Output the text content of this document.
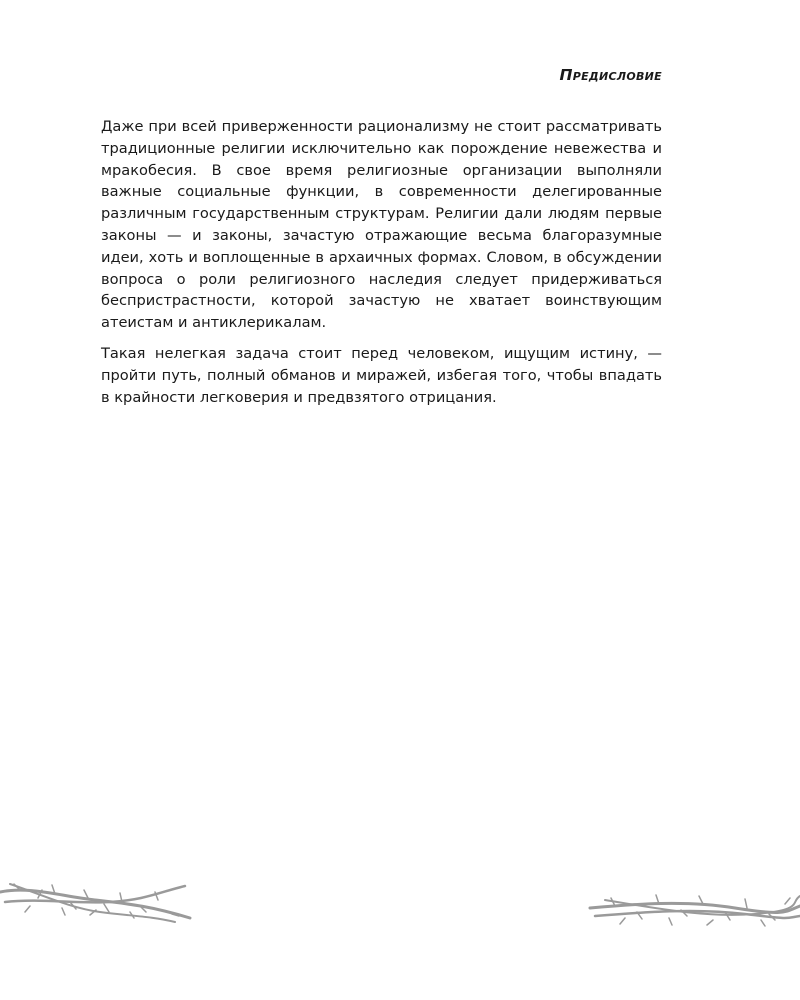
Предисловие

Даже при всей приверженности рационализму не стоит рассматривать традиционные религии исключительно как порождение невежества и мракобесия. В свое время религиозные организации выполняли важные социальные функции, в современности делегированные различным государственным структурам. Религии дали людям первые законы — и законы, зачастую отражающие весьма благоразумные идеи, хоть и воплощенные в архаичных формах. Словом, в обсуждении вопроса о роли религиозного наследия следует придерживаться беспристрастности, которой зачастую не хватает воинствующим атеистам и антиклерикалам.

Такая нелегкая задача стоит перед человеком, ищущим истину, — пройти путь, полный обманов и миражей, избегая того, чтобы впадать в крайности легковерия и предвзятого отрицания.
